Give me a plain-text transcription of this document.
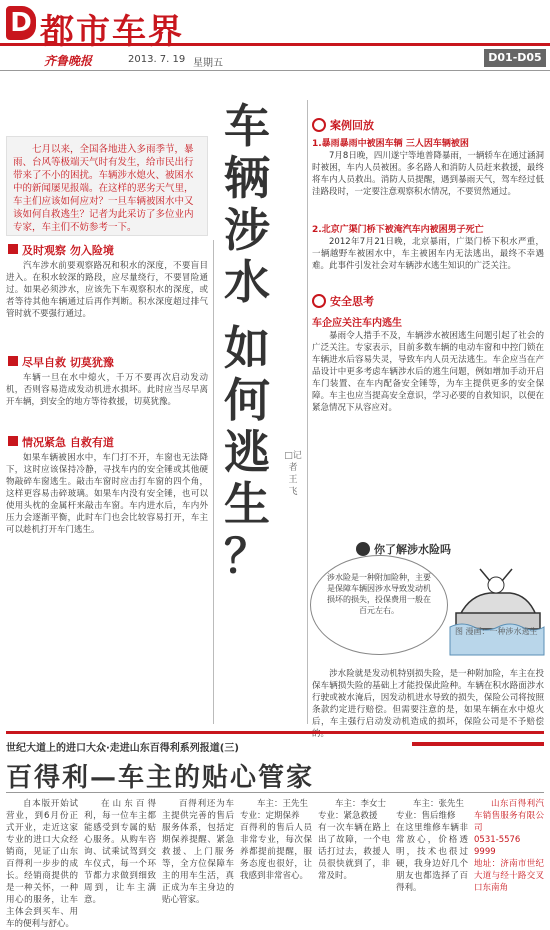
D 都市车界
齐鲁晚报	2013. 7. 19 星期五	D01-D05
七月以来，全国各地进入多雨季节，暴雨、台风等极端天气时有发生，给市民出行带来了不小的困扰。车辆涉水熄火、被困水中的新闻屡见报端。在这样的恶劣天气里，车主们应该如何应对？一旦车辆被困水中又该如何自救逃生？记者为此采访了多位业内专家，车主们不妨参考一下。
车
辆
涉
水
如
何
逃
生
？
□记者
王
飞
及时观察 勿入险境

汽车涉水前要观察路况和积水的深度，不要盲目进入。在积水较深的路段，应尽量绕行，不要冒险通过。如果必须涉水，应该先下车观察积水的深度，或者等待其他车辆通过后再作判断。积水深度超过排气管时就不要强行通过。

尽早自救 切莫犹豫

车辆一旦在水中熄火，千万不要再次启动发动机，否则容易造成发动机进水损坏。此时应当尽早离开车辆，到安全的地方等待救援，切莫犹豫。

情况紧急 自救有道

如果车辆被困水中，车门打不开，车窗也无法降下，这时应该保持冷静，寻找车内的安全锤或其他硬物敲碎车窗逃生。敲击车窗时应击打车窗的四个角，这样更容易击碎玻璃。如果车内没有安全锤，也可以使用头枕的金属杆来敲击车窗。车内进水后，车内外压力会逐渐平衡，此时车门也会比较容易打开，车主可以趁机打开车门逃生。

案例回放
1.暴雨暴雨中被困车辆 三人因车辆被困

7月8日晚，四川遂宁等地普降暴雨，一辆轿车在通过涵洞时被困，车内人员被困。多名路人和消防人员赶来救援，最终将车内人员救出。消防人员提醒，遇到暴雨天气，驾车经过低洼路段时，一定要注意观察积水情况，不要贸然通过。

2.北京广渠门桥下被淹汽车内被困男子死亡

2012年7月21日晚，北京暴雨，广渠门桥下积水严重，一辆越野车被困水中，车主被困车内无法逃出，最终不幸遇难。此事件引发社会对车辆涉水逃生知识的广泛关注。

安全思考
车企应关注车内逃生

暴雨令人措手不及，车辆涉水被困逃生问题引起了社会的广泛关注。专家表示，目前多数车辆的电动车窗和中控门锁在车辆进水后容易失灵，导致车内人员无法逃生。车企应当在产品设计中更多考虑车辆涉水后的逃生问题，例如增加手动开启车门装置、在车内配备安全锤等，为车主提供更多的安全保障。车主也应当提高安全意识，学习必要的自救知识，以便在紧急情况下从容应对。

你了解涉水险吗
涉水险是一种附加险种，主要是保障车辆因涉水导致发动机损坏的损失，投保费用一般在百元左右。
图 漫画：一种涉水逃生

涉水险就是发动机特别损失险，是一种附加险，车主在投保车辆损失险的基础上才能投保此险种。车辆在积水路面涉水行驶或被水淹后，因发动机进水导致的损失，保险公司将按照条款约定进行赔偿。但需要注意的是，如果车辆在水中熄火后，车主强行启动发动机造成的损坏，保险公司是不予赔偿的。

世纪大道上的进口大众·走进山东百得利系列报道(三)
百得利—车主的贴心管家

自本版开始试营业，到6月份正式开业，走近这家专业的进口大众经销商，见证了山东百得利一步步的成长。经销商提供的是一种关怀，一种用心的服务，让车主体会到买车、用车的便利与舒心。

在山东百得利，每一位车主都能感受到专属的贴心服务。从购车咨询、试乘试驾到交车仪式，每一个环节都力求做到细致周到，让车主满意。

百得利还为车主提供完善的售后服务体系，包括定期保养提醒、紧急救援、上门服务等，全方位保障车主的用车生活，真正成为车主身边的贴心管家。

车主：王先生
专业：定期保养
百得利的售后人员非常专业，每次保养都提前提醒，服务态度也很好，让我感到非常省心。

车主：李女士
专业：紧急救援
有一次车辆在路上出了故障，一个电话打过去，救援人员很快就到了，非常及时。

车主：张先生
专业：售后维修
在这里维修车辆非常放心，价格透明，技术也很过硬，我身边好几个朋友也都选择了百得利。

山东百得利汽车销售服务有限公司
0531-5576 9999
地址：济南市世纪大道与经十路交叉口东南角
